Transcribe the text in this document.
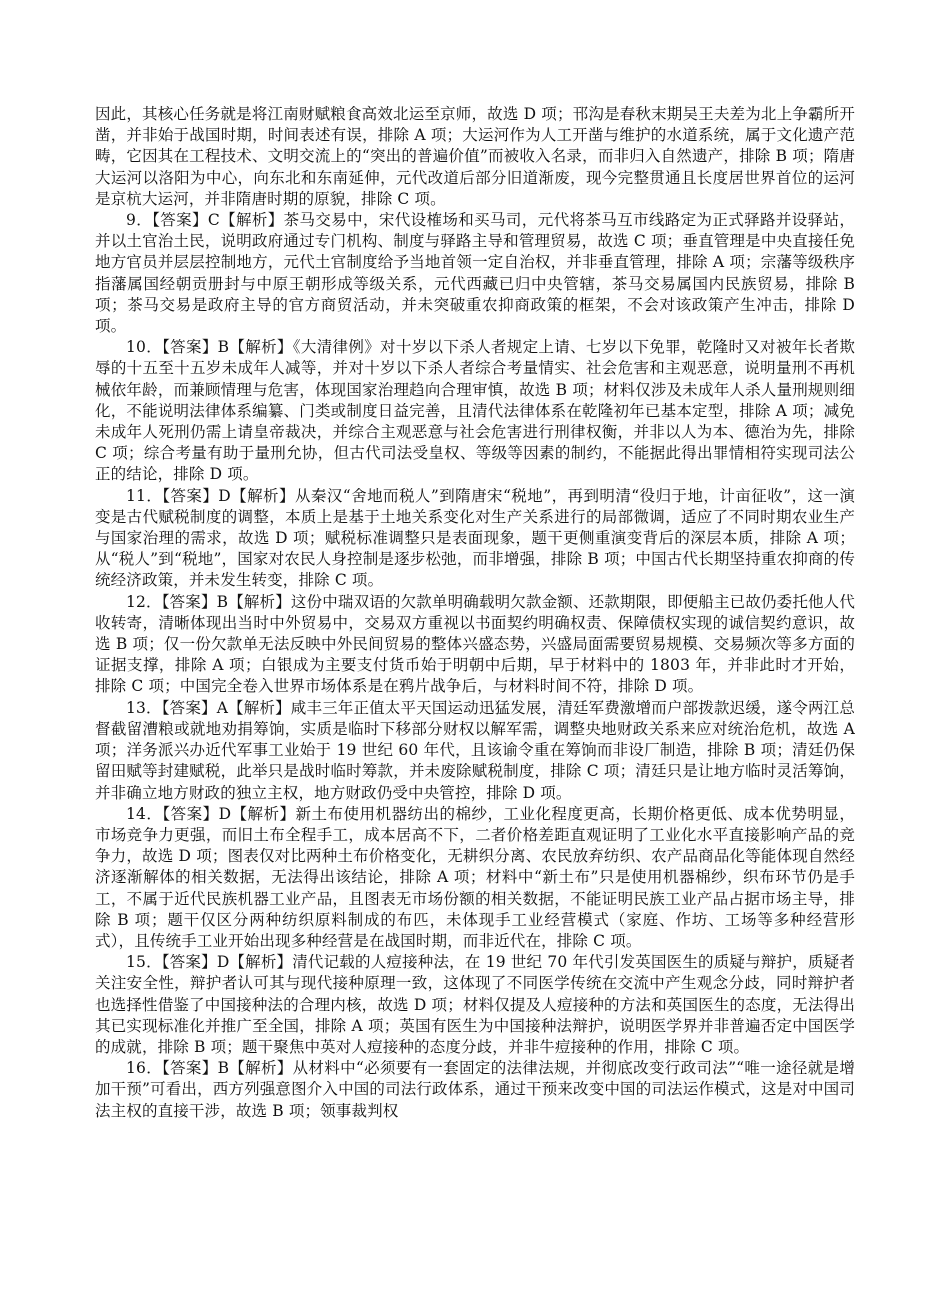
因此，其核心任务就是将江南财赋粮食高效北运至京师，故选 D 项；邗沟是春秋末期吴王夫差为北上争霸所开凿，并非始于战国时期，时间表述有误，排除 A 项；大运河作为人工开凿与维护的水道系统，属于文化遗产范畴，它因其在工程技术、文明交流上的“突出的普遍价值”而被收入名录，而非归入自然遗产，排除 B 项；隋唐大运河以洛阳为中心，向东北和东南延伸，元代改道后部分旧道渐废，现今完整贯通且长度居世界首位的运河是京杭大运河，并非隋唐时期的原貌，排除 C 项。

9．【答案】C【解析】茶马交易中，宋代设榷场和买马司，元代将茶马互市线路定为正式驿路并设驿站，并以土官治土民，说明政府通过专门机构、制度与驿路主导和管理贸易，故选 C 项；垂直管理是中央直接任免地方官员并层层控制地方，元代土官制度给予当地首领一定自治权，并非垂直管理，排除 A 项；宗藩等级秩序指藩属国经朝贡册封与中原王朝形成等级关系，元代西藏已归中央管辖，茶马交易属国内民族贸易，排除 B 项；茶马交易是政府主导的官方商贸活动，并未突破重农抑商政策的框架，不会对该政策产生冲击，排除 D 项。

10．【答案】B【解析】《大清律例》对十岁以下杀人者规定上请、七岁以下免罪，乾隆时又对被年长者欺辱的十五至十五岁未成年人减等，并对十岁以下杀人者综合考量情实、社会危害和主观恶意，说明量刑不再机械依年龄，而兼顾情理与危害，体现国家治理趋向合理审慎，故选 B 项；材料仅涉及未成年人杀人量刑规则细化，不能说明法律体系编纂、门类或制度日益完善，且清代法律体系在乾隆初年已基本定型，排除 A 项；减免未成年人死刑仍需上请皇帝裁决，并综合主观恶意与社会危害进行刑律权衡，并非以人为本、德治为先，排除 C 项；综合考量有助于量刑允协，但古代司法受皇权、等级等因素的制约，不能据此得出罪情相符实现司法公正的结论，排除 D 项。

11．【答案】D【解析】从秦汉“舍地而税人”到隋唐宋“税地”，再到明清“役归于地，计亩征收”，这一演变是古代赋税制度的调整，本质上是基于土地关系变化对生产关系进行的局部微调，适应了不同时期农业生产与国家治理的需求，故选 D 项；赋税标准调整只是表面现象，题干更侧重演变背后的深层本质，排除 A 项；从“税人”到“税地”，国家对农民人身控制是逐步松弛，而非增强，排除 B 项；中国古代长期坚持重农抑商的传统经济政策，并未发生转变，排除 C 项。

12．【答案】B【解析】这份中瑞双语的欠款单明确载明欠款金额、还款期限，即便船主已故仍委托他人代收转寄，清晰体现出当时中外贸易中，交易双方重视以书面契约明确权责、保障债权实现的诚信契约意识，故选 B 项；仅一份欠款单无法反映中外民间贸易的整体兴盛态势，兴盛局面需要贸易规模、交易频次等多方面的证据支撑，排除 A 项；白银成为主要支付货币始于明朝中后期，早于材料中的 1803 年，并非此时才开始，排除 C 项；中国完全卷入世界市场体系是在鸦片战争后，与材料时间不符，排除 D 项。

13．【答案】A【解析】咸丰三年正值太平天国运动迅猛发展，清廷军费激增而户部拨款迟缓，遂令两江总督截留漕粮或就地劝捐筹饷，实质是临时下移部分财权以解军需，调整央地财政关系来应对统治危机，故选 A 项；洋务派兴办近代军事工业始于 19 世纪 60 年代，且该谕令重在筹饷而非设厂制造，排除 B 项；清廷仍保留田赋等封建赋税，此举只是战时临时筹款，并未废除赋税制度，排除 C 项；清廷只是让地方临时灵活筹饷，并非确立地方财政的独立主权，地方财政仍受中央管控，排除 D 项。

14．【答案】D【解析】新土布使用机器纺出的棉纱，工业化程度更高，长期价格更低、成本优势明显，市场竞争力更强，而旧土布全程手工，成本居高不下，二者价格差距直观证明了工业化水平直接影响产品的竞争力，故选 D 项；图表仅对比两种土布价格变化，无耕织分离、农民放弃纺织、农产品商品化等能体现自然经济逐渐解体的相关数据，无法得出该结论，排除 A 项；材料中“新土布”只是使用机器棉纱，织布环节仍是手工，不属于近代民族机器工业产品，且图表无市场份额的相关数据，不能证明民族工业产品占据市场主导，排除 B 项；题干仅区分两种纺织原料制成的布匹，未体现手工业经营模式（家庭、作坊、工场等多种经营形式），且传统手工业开始出现多种经营是在战国时期，而非近代在，排除 C 项。

15．【答案】D【解析】清代记载的人痘接种法，在 19 世纪 70 年代引发英国医生的质疑与辩护，质疑者关注安全性，辩护者认可其与现代接种原理一致，这体现了不同医学传统在交流中产生观念分歧，同时辩护者也选择性借鉴了中国接种法的合理内核，故选 D 项；材料仅提及人痘接种的方法和英国医生的态度，无法得出其已实现标准化并推广至全国，排除 A 项；英国有医生为中国接种法辩护，说明医学界并非普遍否定中国医学的成就，排除 B 项；题干聚焦中英对人痘接种的态度分歧，并非牛痘接种的作用，排除 C 项。

16．【答案】B【解析】从材料中“必须要有一套固定的法律法规，并彻底改变行政司法”“唯一途径就是增加干预”可看出，西方列强意图介入中国的司法行政体系，通过干预来改变中国的司法运作模式，这是对中国司法主权的直接干涉，故选 B 项；领事裁判权
